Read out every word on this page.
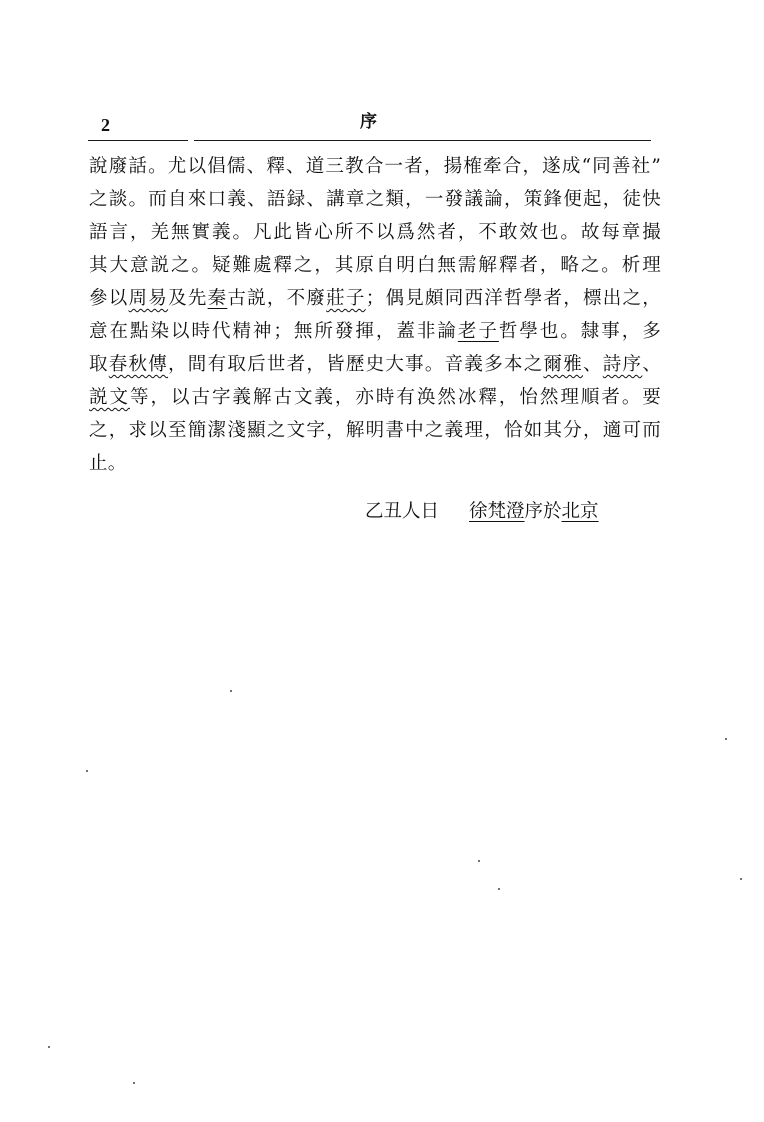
2	序
說廢話。尤以倡儒、釋、道三教合一者，揚榷牽合，遂成“同善社”
之談。而自來口義、語録、講章之類，一發議論，策鋒便起，徒快
語言，羌無實義。凡此皆心所不以爲然者，不敢效也。故每章撮
其大意説之。疑難處釋之，其原自明白無需解釋者，略之。析理
參以周易及先秦古説，不廢莊子；偶見頗同西洋哲學者，標出之，
意在點染以時代精神；無所發揮，蓋非論老子哲學也。隸事，多
取春秋傳，間有取后世者，皆歷史大事。音義多本之爾雅、詩序、
説文等，以古字義解古文義，亦時有涣然冰釋，怡然理順者。要
之，求以至簡潔淺顯之文字，解明書中之義理，恰如其分，適可而
止。
乙丑人日 徐梵澄序於北京
